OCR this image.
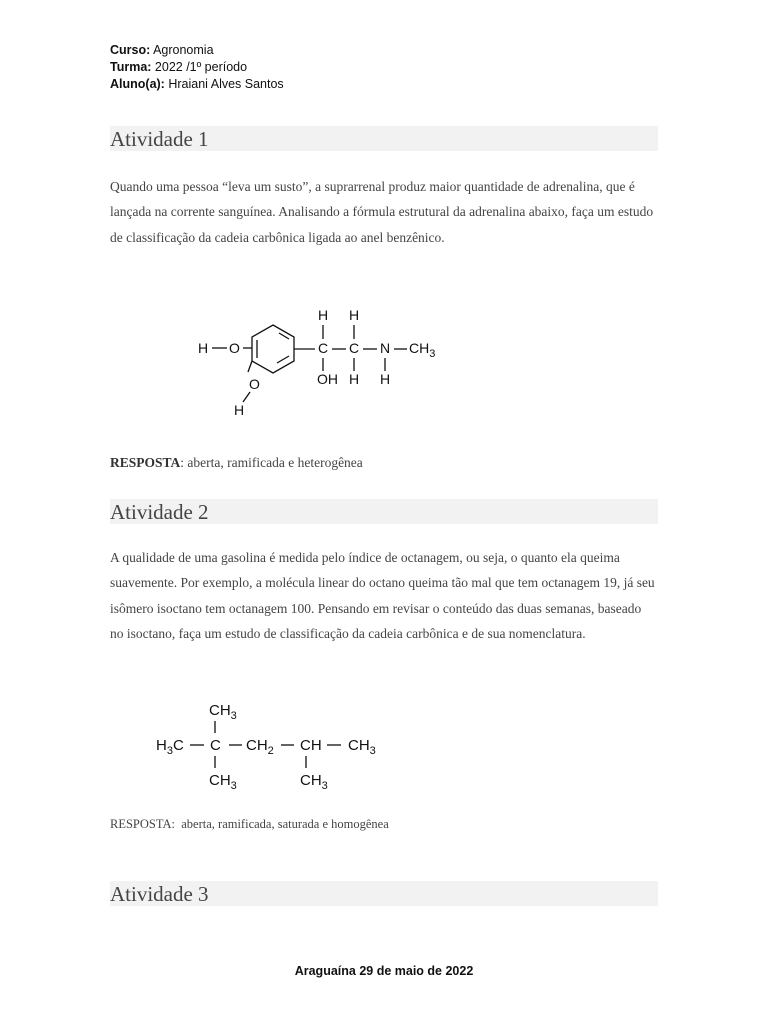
Curso: Agronomia
Turma: 2022 /1º período
Aluno(a): Hraiani Alves Santos
Atividade 1
Quando uma pessoa “leva um susto”, a suprarrenal produz maior quantidade de adrenalina, que é lançada na corrente sanguínea. Analisando a fórmula estrutural da adrenalina abaixo, faça um estudo de classificação da cadeia carbônica ligada ao anel benzênico.
H O
O
H
H
C
OH
H
C
H
N
H
$CH_3$
RESPOSTA: aberta, ramificada e heterogênea
Atividade 2
A qualidade de uma gasolina é medida pelo índice de octanagem, ou seja, o quanto ela queima suavemente. Por exemplo, a molécula linear do octano queima tão mal que tem octanagem 19, já seu isômero isoctano tem octanagem 100. Pensando em revisar o conteúdo das duas semanas, baseado no isoctano, faça um estudo de classificação da cadeia carbônica e de sua nomenclatura.
$CH_3$
$H_3C$ C $CH_2$ CH $CH_3$
$CH_3$	$CH_3$
RESPOSTA: aberta, ramificada, saturada e homogênea
Atividade 3
Araguaína 29 de maio de 2022
